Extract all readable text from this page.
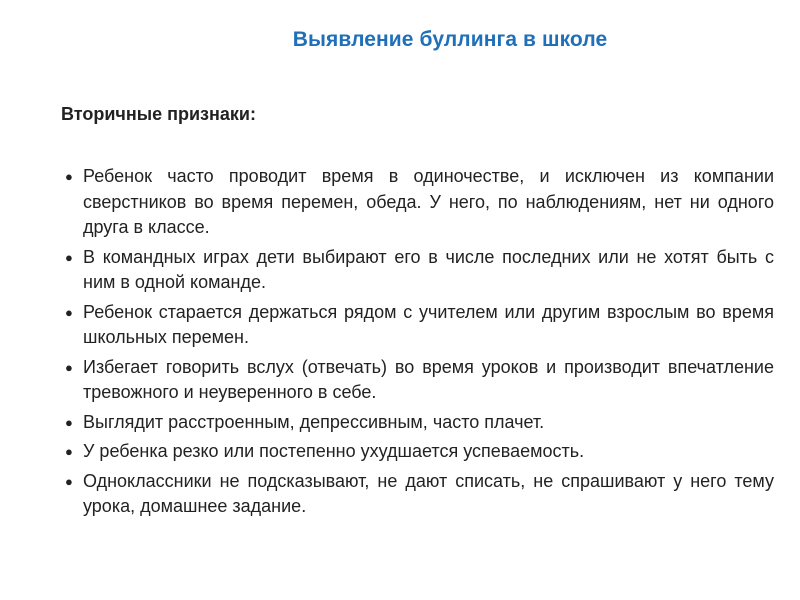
Выявление буллинга в школе
Вторичные признаки:
● Ребенок часто проводит время в одиночестве, и исключен из компании сверстников во время перемен, обеда. У него, по наблюдениям, нет ни одного друга в классе.
● В командных играх дети выбирают его в числе последних или не хотят быть с ним в одной команде.
● Ребенок старается держаться рядом с учителем или другим взрослым во время школьных перемен.
● Избегает говорить вслух (отвечать) во время уроков и производит впечатление тревожного и неуверенного в себе.
● Выглядит расстроенным, депрессивным, часто плачет.
● У ребенка резко или постепенно ухудшается успеваемость.
● Одноклассники не подсказывают, не дают списать, не спрашивают у него тему урока, домашнее задание.
